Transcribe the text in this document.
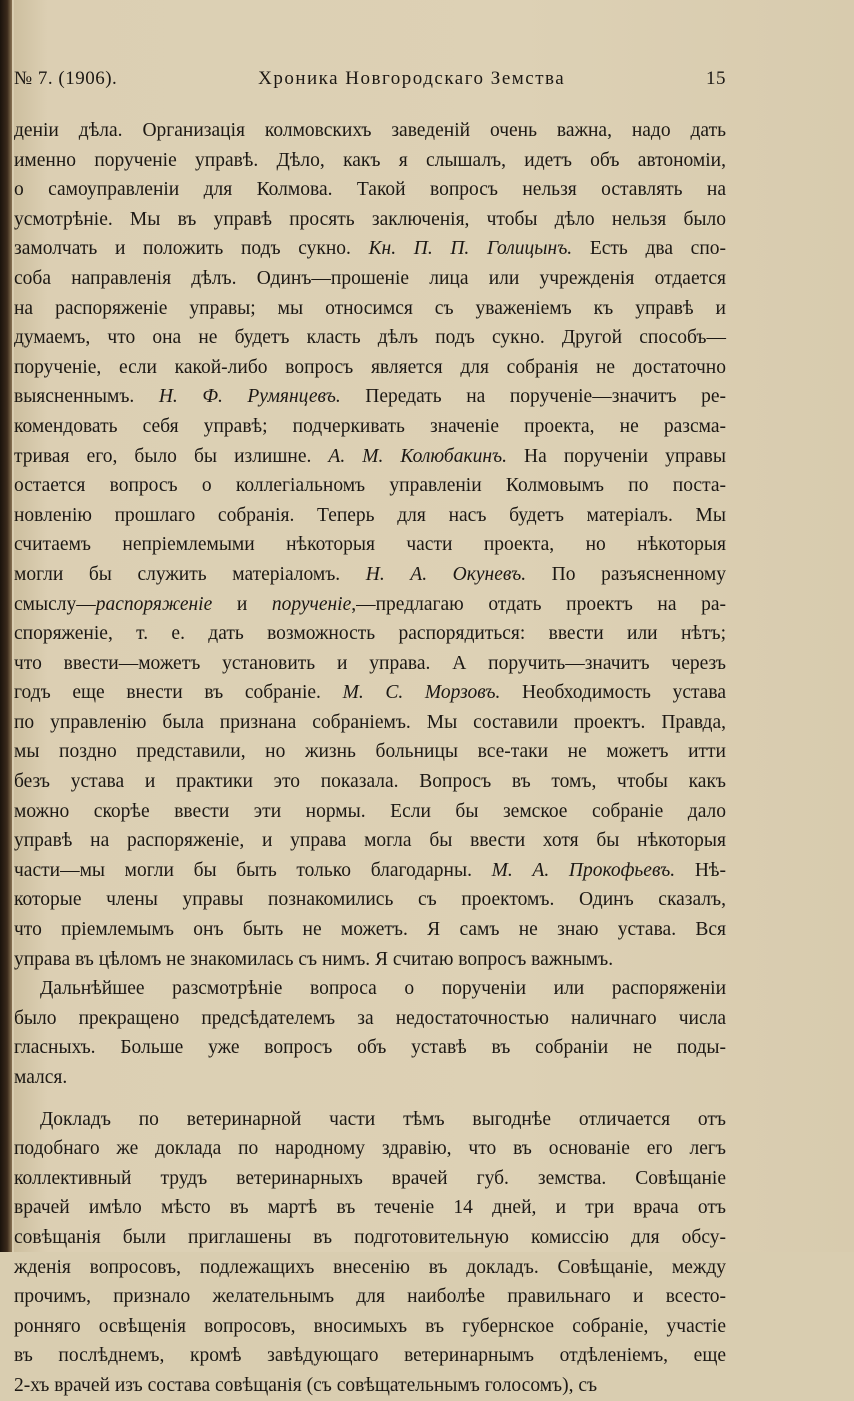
№ 7. (1906).	Хроника Новгородскаго Земства	15
дeнiи дѣла. Организацiя колмовскихъ заведенiй очень важна, надо дать
именно порученiе управѣ. Дѣло, какъ я слышалъ, идетъ объ автономiи,
о самоуправленiи для Колмова. Такой вопросъ нельзя оставлять на
усмотрѣнiе. Мы въ управѣ просять заключенiя, чтобы дѣло нельзя было
замолчать и положить подъ сукно. Кн. П. П. Голицынъ. Есть два спо-
соба направленiя дѣлъ. Одинъ—прошенiе лица или учрежденiя отдается
на распоряженiе управы; мы относимся съ уваженiемъ къ управѣ и
думаемъ, что она не будетъ класть дѣлъ подъ сукно. Другой способъ—
порученiе, если какой-либо вопросъ является для собранiя не достаточно
выясненнымъ. Н. Ф. Румянцевъ. Передать на порученiе—значитъ ре-
комендовать себя управѣ; подчеркивать значенiе проекта, не разсма-
тривая его, было бы излишне. А. М. Колюбакинъ. На порученiи управы
остается вопросъ о коллегiальномъ управленiи Колмовымъ по поста-
новленiю прошлаго собранiя. Теперь для насъ будетъ матерiалъ. Мы
считаемъ непрiемлемыми нѣкоторыя части проекта, но нѣкоторыя
могли бы служить матерiаломъ. Н. А. Окуневъ. По разъясненному
смыслу—распоряженiе и порученiе,—предлагаю отдать проектъ на ра-
споряженiе, т. е. дать возможность распорядиться: ввести или нѣтъ;
что ввести—можетъ установить и управа. А поручить—значитъ черезъ
годъ еще внести въ собранiе. М. С. Морзовъ. Необходимость устава
по управленiю была признана собранiемъ. Мы составили проектъ. Правда,
мы поздно представили, но жизнь больницы все-таки не можетъ итти
безъ устава и практики это показала. Вопросъ въ томъ, чтобы какъ
можно скорѣе ввести эти нормы. Если бы земское собранiе дало
управѣ на распоряженiе, и управа могла бы ввести хотя бы нѣкоторыя
части—мы могли бы быть только благодарны. М. А. Прокофьевъ. Нѣ-
которые члены управы познакомились съ проектомъ. Одинъ сказалъ,
что прiемлемымъ онъ быть не можетъ. Я самъ не знаю устава. Вся
управа въ цѣломъ не знакомилась съ нимъ. Я считаю вопросъ важнымъ.
Дальнѣйшее разсмотрѣнiе вопроса о порученiи или распоряженiи
было прекращено предсѣдателемъ за недостаточностью наличнаго числа
гласныхъ. Больше уже вопросъ объ уставѣ въ собранiи не поды-
мался.
Докладъ по ветеринарной части тѣмъ выгоднѣе отличается отъ
подобнаго же доклада по народному здравiю, что въ основанiе его легъ
коллективный трудъ ветеринарныхъ врачей губ. земства. Совѣщанiе
врачей имѣло мѣсто въ мартѣ въ теченiе 14 дней, и три врача отъ
совѣщанiя были приглашены въ подготовительную комиссiю для обсу-
жденiя вопросовъ, подлежащихъ внесенiю въ докладъ. Совѣщанiе, между
прочимъ, признало желательнымъ для наиболѣе правильнаго и всесто-
ронняго освѣщенiя вопросовъ, вносимыхъ въ губернское собранiе, участiе
въ послѣднемъ, кромѣ завѣдующаго ветеринарнымъ отдѣленiемъ, еще
2-хъ врачей изъ состава совѣщанiя (съ совѣщательнымъ голосомъ), съ
